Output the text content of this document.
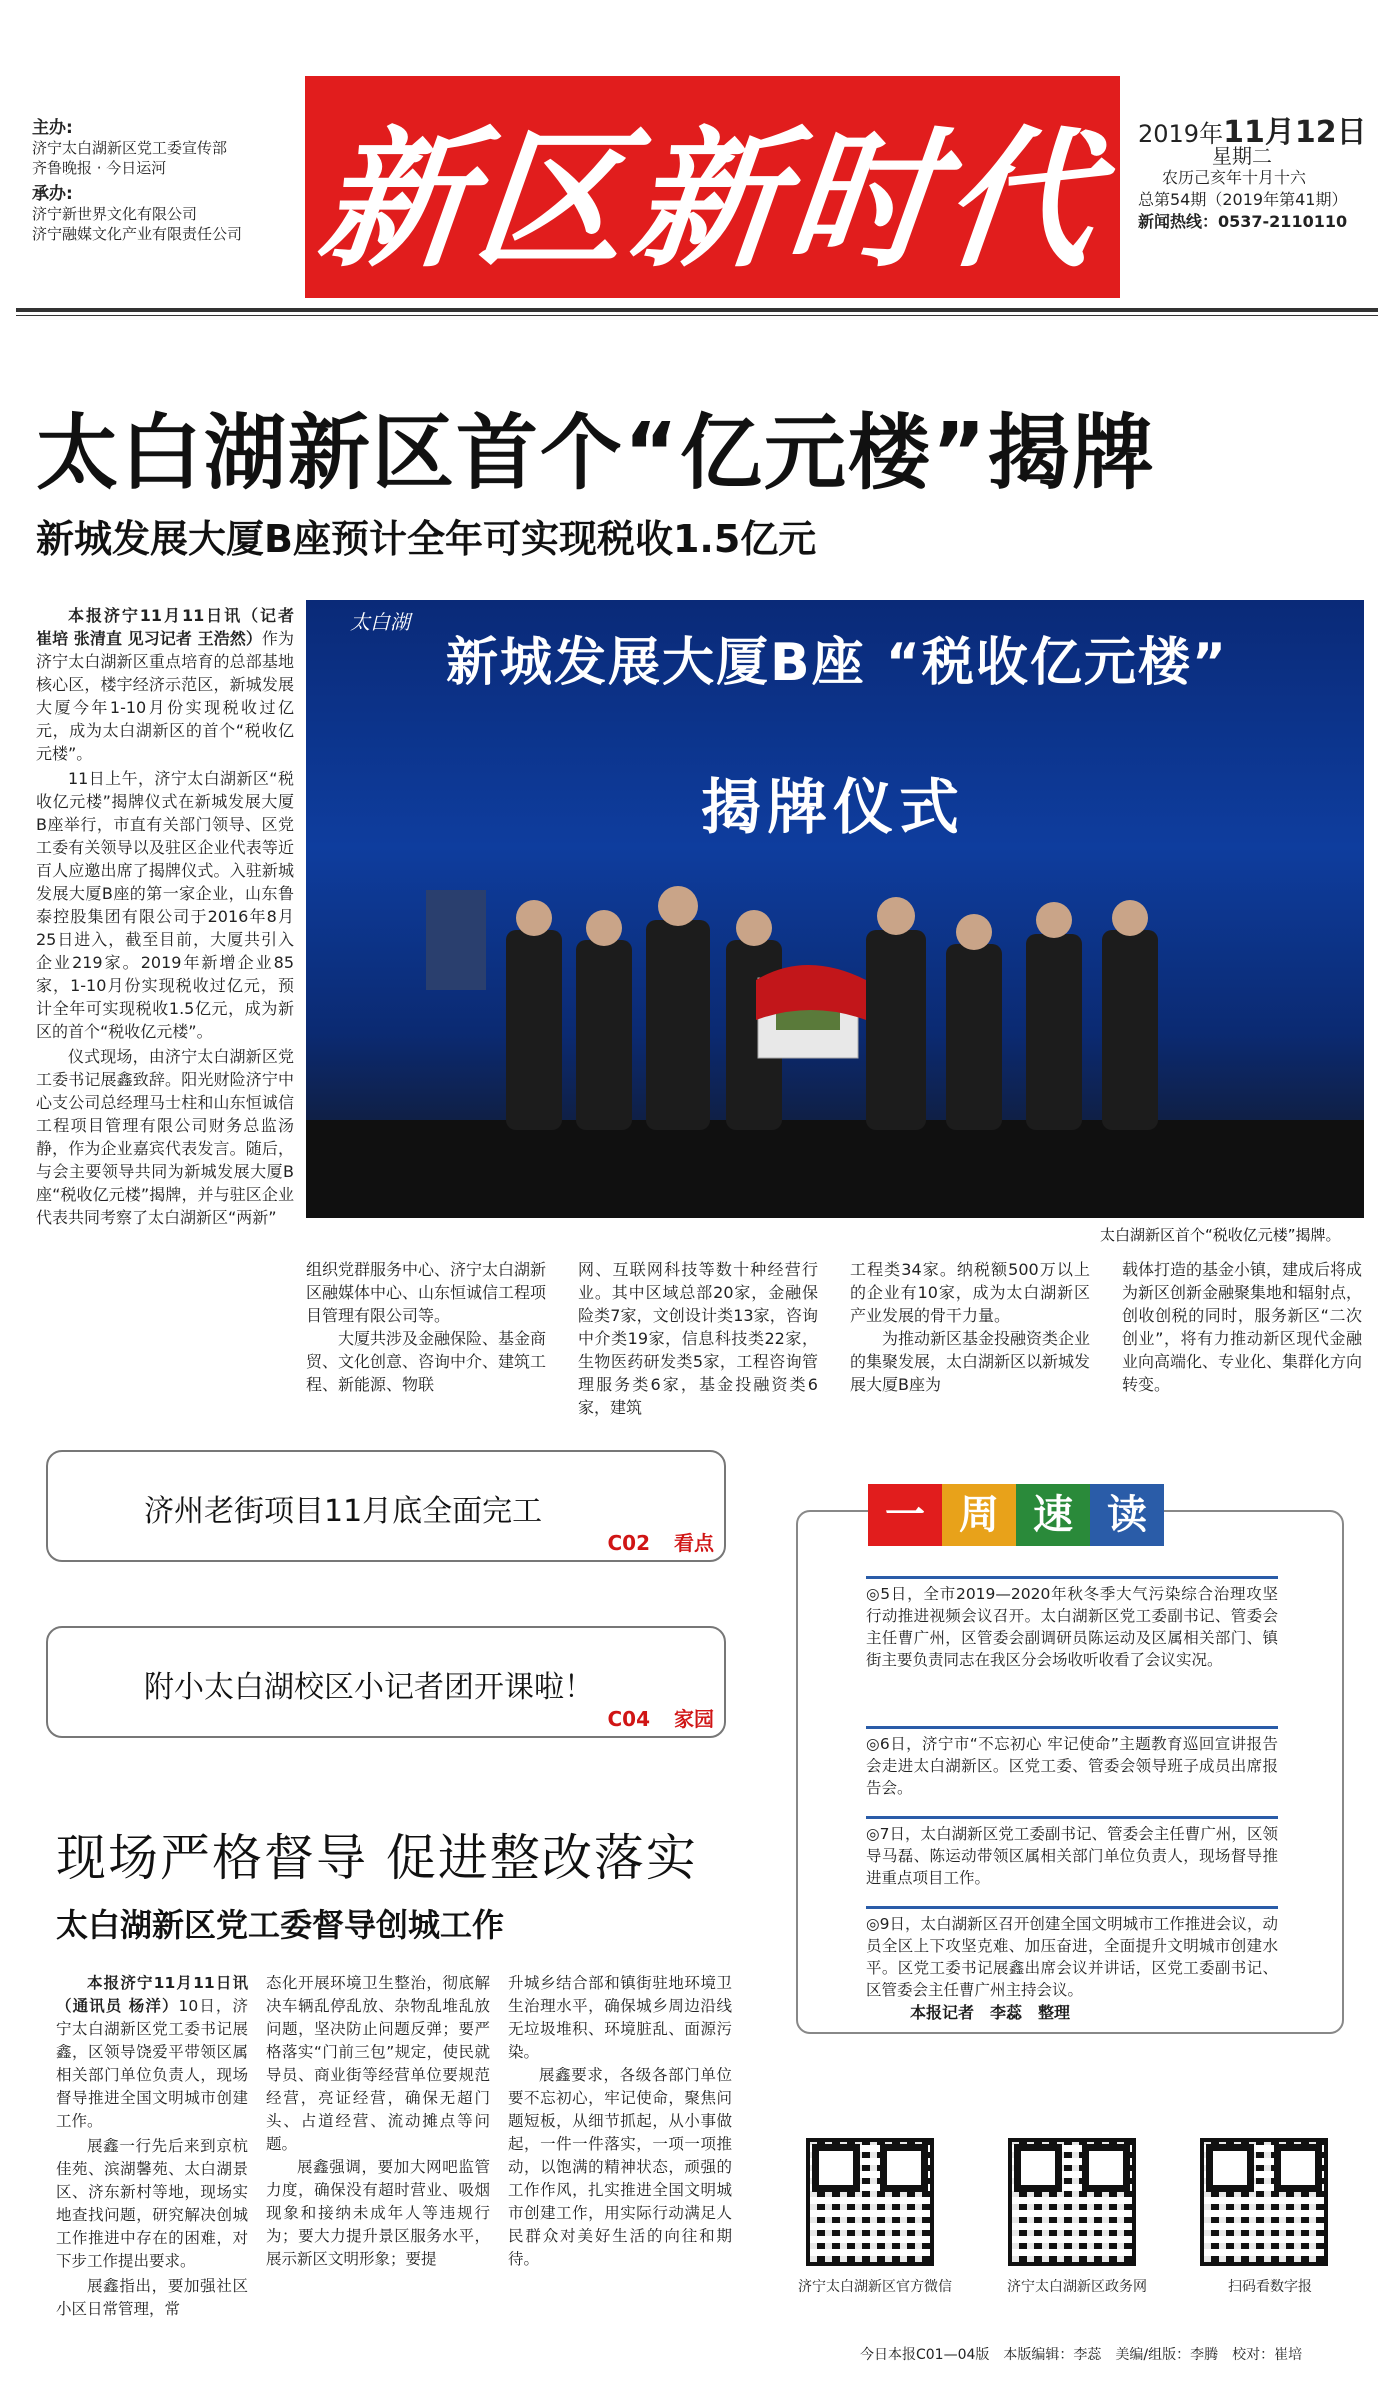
主办:
济宁太白湖新区党工委宣传部
齐鲁晚报 · 今日运河
承办:
济宁新世界文化有限公司
济宁融媒文化产业有限责任公司 新区新时代 2019年11月12日
星期二
农历己亥年十月十六
总第54期（2019年第41期）
新闻热线：0537-2110110
太白湖新区首个“亿元楼”揭牌
新城发展大厦B座预计全年可实现税收1.5亿元

本报济宁11月11日讯（记者 崔培 张清直 见习记者 王浩然）作为济宁太白湖新区重点培育的总部基地核心区，楼宇经济示范区，新城发展大厦今年1-10月份实现税收过亿元，成为太白湖新区的首个“税收亿元楼”。

11日上午，济宁太白湖新区“税收亿元楼”揭牌仪式在新城发展大厦B座举行，市直有关部门领导、区党工委有关领导以及驻区企业代表等近百人应邀出席了揭牌仪式。入驻新城发展大厦B座的第一家企业，山东鲁泰控股集团有限公司于2016年8月25日进入，截至目前，大厦共引入企业219家。2019年新增企业85家，1-10月份实现税收过亿元，预计全年可实现税收1.5亿元，成为新区的首个“税收亿元楼”。

仪式现场，由济宁太白湖新区党工委书记展鑫致辞。阳光财险济宁中心支公司总经理马士柱和山东恒诚信工程项目管理有限公司财务总监汤静，作为企业嘉宾代表发言。随后，与会主要领导共同为新城发展大厦B座“税收亿元楼”揭牌，并与驻区企业代表共同考察了太白湖新区“两新”

太白湖
新城发展大厦B座 “税收亿元楼”
揭牌仪式
太白湖新区首个“税收亿元楼”揭牌。
组织党群服务中心、济宁太白湖新区融媒体中心、山东恒诚信工程项目管理有限公司等。

大厦共涉及金融保险、基金商贸、文化创意、咨询中介、建筑工程、新能源、物联

网、互联网科技等数十种经营行业。其中区域总部20家，金融保险类7家，文创设计类13家，咨询中介类19家，信息科技类22家，生物医药研发类5家，工程咨询管理服务类6家，基金投融资类6家，建筑
工程类34家。纳税额500万以上的企业有10家，成为太白湖新区产业发展的骨干力量。

为推动新区基金投融资类企业的集聚发展，太白湖新区以新城发展大厦B座为

载体打造的基金小镇，建成后将成为新区创新金融聚集地和辐射点，创收创税的同时，服务新区“二次创业”，将有力推动新区现代金融业向高端化、专业化、集群化方向转变。
济州老街项目11月底全面完工
C02 看点
附小太白湖校区小记者团开课啦！
C04 家园
一 周 速 读
◎5日，全市2019—2020年秋冬季大气污染综合治理攻坚行动推进视频会议召开。太白湖新区党工委副书记、管委会主任曹广州，区管委会副调研员陈运动及区属相关部门、镇街主要负责同志在我区分会场收听收看了会议实况。
◎6日，济宁市“不忘初心 牢记使命”主题教育巡回宣讲报告会走进太白湖新区。区党工委、管委会领导班子成员出席报告会。
◎7日，太白湖新区党工委副书记、管委会主任曹广州，区领导马磊、陈运动带领区属相关部门单位负责人，现场督导推进重点项目工作。
◎9日，太白湖新区召开创建全国文明城市工作推进会议，动员全区上下攻坚克难、加压奋进，全面提升文明城市创建水平。区党工委书记展鑫出席会议并讲话，区党工委副书记、区管委会主任曹广州主持会议。
本报记者　李蕊　整理
现场严格督导 促进整改落实
太白湖新区党工委督导创城工作

本报济宁11月11日讯（通讯员 杨洋）10日，济宁太白湖新区党工委书记展鑫，区领导饶爱平带领区属相关部门单位负责人，现场督导推进全国文明城市创建工作。

展鑫一行先后来到京杭佳苑、滨湖馨苑、太白湖景区、济东新村等地，现场实地查找问题，研究解决创城工作推进中存在的困难，对下步工作提出要求。

展鑫指出，要加强社区小区日常管理，常

态化开展环境卫生整治，彻底解决车辆乱停乱放、杂物乱堆乱放问题，坚决防止问题反弹；要严格落实“门前三包”规定，使民就导员、商业街等经营单位要规范经营，亮证经营，确保无超门头、占道经营、流动摊点等问题。

展鑫强调，要加大网吧监管力度，确保没有超时营业、吸烟现象和接纳未成年人等违规行为；要大力提升景区服务水平，展示新区文明形象；要提

升城乡结合部和镇街驻地环境卫生治理水平，确保城乡周边沿线无垃圾堆积、环境脏乱、面源污染。

展鑫要求，各级各部门单位要不忘初心，牢记使命，聚焦问题短板，从细节抓起，从小事做起，一件一件落实，一项一项推动，以饱满的精神状态，顽强的工作作风，扎实推进全国文明城市创建工作，用实际行动满足人民群众对美好生活的向往和期待。

济宁太白湖新区官方微信	济宁太白湖新区政务网	扫码看数字报
今日本报C01—04版　本版编辑：李蕊　美编/组版：李腾　校对：崔培
